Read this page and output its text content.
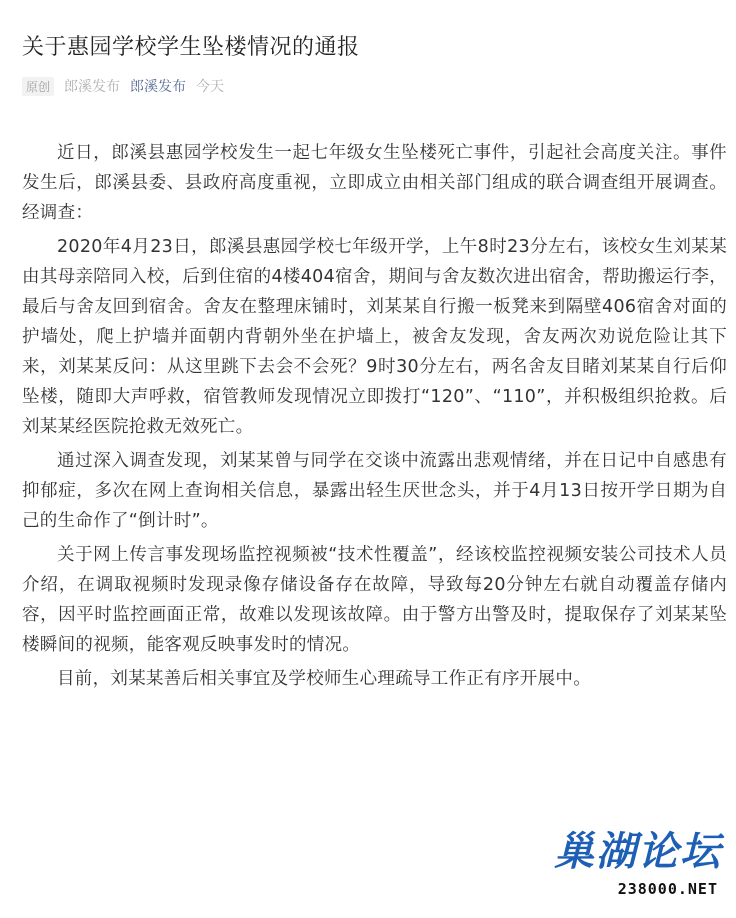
关于惠园学校学生坠楼情况的通报
原创 郎溪发布 郎溪发布 今天

近日，郎溪县惠园学校发生一起七年级女生坠楼死亡事件，引起社会高度关注。事件发生后，郎溪县委、县政府高度重视，立即成立由相关部门组成的联合调查组开展调查。经调查：

2020年4月23日，郎溪县惠园学校七年级开学，上午8时23分左右，该校女生刘某某由其母亲陪同入校，后到住宿的4楼404宿舍，期间与舍友数次进出宿舍，帮助搬运行李，最后与舍友回到宿舍。舍友在整理床铺时，刘某某自行搬一板凳来到隔壁406宿舍对面的护墙处，爬上护墙并面朝内背朝外坐在护墙上，被舍友发现，舍友两次劝说危险让其下来，刘某某反问：从这里跳下去会不会死？9时30分左右，两名舍友目睹刘某某自行后仰坠楼，随即大声呼救，宿管教师发现情况立即拨打“120”、“110”，并积极组织抢救。后刘某某经医院抢救无效死亡。

通过深入调查发现，刘某某曾与同学在交谈中流露出悲观情绪，并在日记中自感患有抑郁症，多次在网上查询相关信息，暴露出轻生厌世念头，并于4月13日按开学日期为自己的生命作了“倒计时”。

关于网上传言事发现场监控视频被“技术性覆盖”，经该校监控视频安装公司技术人员介绍，在调取视频时发现录像存储设备存在故障，导致每20分钟左右就自动覆盖存储内容，因平时监控画面正常，故难以发现该故障。由于警方出警及时，提取保存了刘某某坠楼瞬间的视频，能客观反映事发时的情况。

目前，刘某某善后相关事宜及学校师生心理疏导工作正有序开展中。

巢湖论坛
238000.NET
